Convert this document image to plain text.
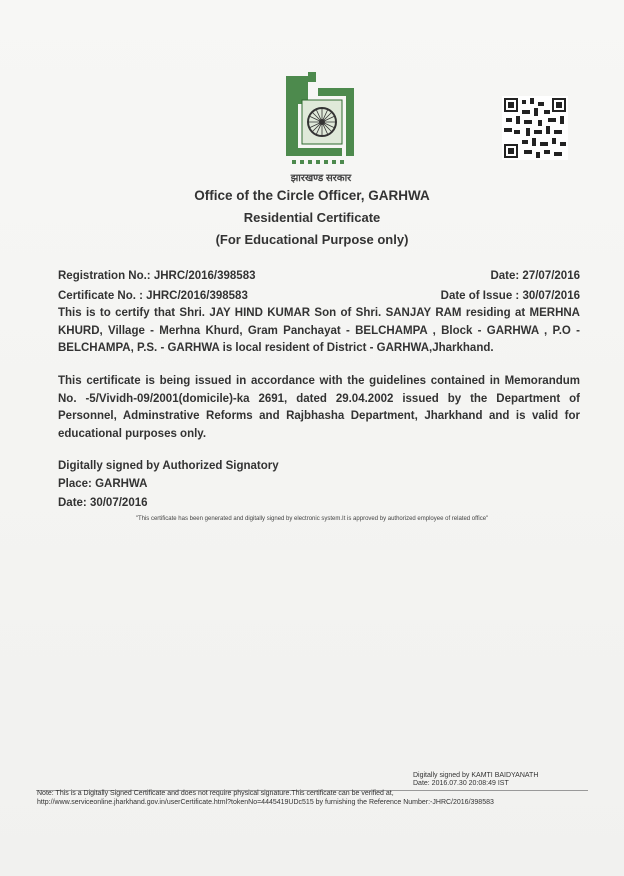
झारखण्ड सरकार
Office of the Circle Officer, GARHWA
Residential Certificate
(For Educational Purpose only)
Registration No.: JHRC/2016/398583	Date: 27/07/2016
Certificate No. : JHRC/2016/398583	Date of Issue : 30/07/2016
This is to certify that Shri. JAY HIND KUMAR Son of Shri. SANJAY RAM residing at MERHNA KHURD, Village - Merhna Khurd, Gram Panchayat - BELCHAMPA , Block - GARHWA , P.O - BELCHAMPA, P.S. - GARHWA is local resident of District - GARHWA,Jharkhand.
This certificate is being issued in accordance with the guidelines contained in Memorandum No. -5/Vividh-09/2001(domicile)-ka 2691, dated 29.04.2002 issued by the Department of Personnel, Adminstrative Reforms and Rajbhasha Department, Jharkhand and is valid for educational purposes only.
Digitally signed by Authorized Signatory
Place: GARHWA
Date: 30/07/2016
"This certificate has been generated and digitally signed by electronic system.It is approved by authorized employee of related office"
Digitally signed by KAMTI BAIDYANATH
Date: 2016.07.30 20:08:49 IST
Note: This is a Digitally Signed Certificate and does not require physical signature.This certificate can be verified at,
http://www.serviceonline.jharkhand.gov.in/userCertificate.html?tokenNo=4445419UDc515 by furnishing the Reference Number:-JHRC/2016/398583
